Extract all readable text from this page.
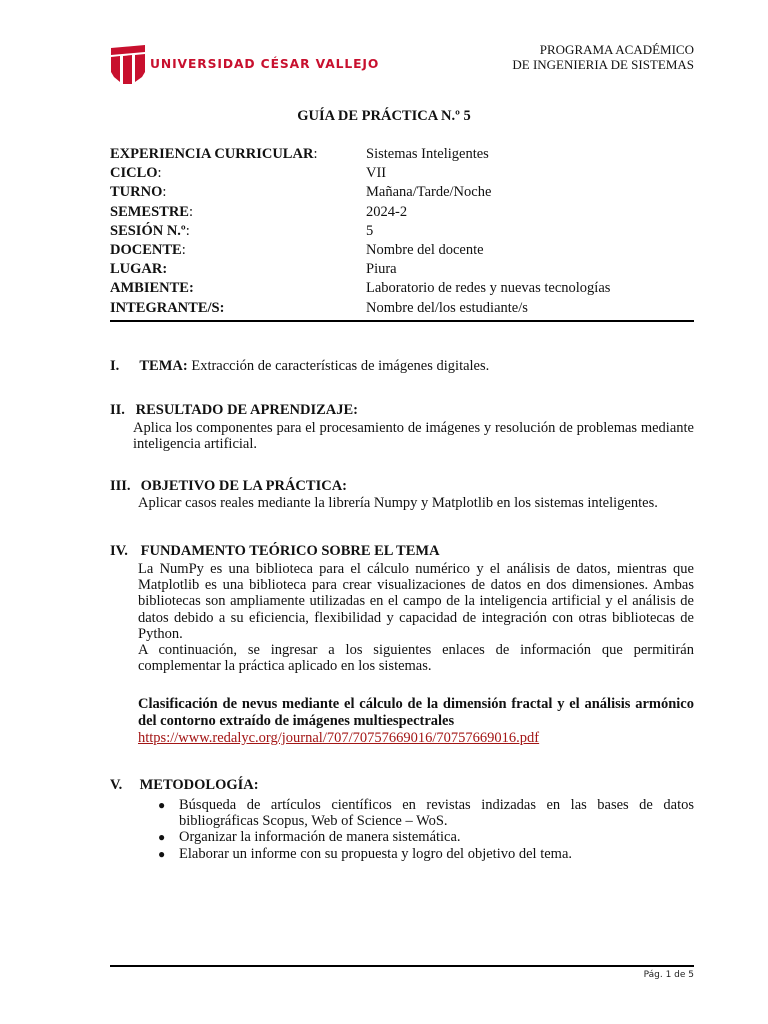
UNIVERSIDAD CÉSAR VALLEJO
PROGRAMA ACADÉMICO
DE INGENIERIA DE SISTEMAS
GUÍA DE PRÁCTICA N.º 5
EXPERIENCIA CURRICULAR:	Sistemas Inteligentes
CICLO:	VII
TURNO:	Mañana/Tarde/Noche
SEMESTRE:	2024-2
SESIÓN N.º:	5
DOCENTE:	Nombre del docente
LUGAR:	Piura
AMBIENTE:	Laboratorio de redes y nuevas tecnologías
INTEGRANTE/S:	Nombre del/los estudiante/s
I. TEMA: Extracción de características de imágenes digitales.
II. RESULTADO DE APRENDIZAJE:
Aplica los componentes para el procesamiento de imágenes y resolución de problemas mediante inteligencia artificial.
III. OBJETIVO DE LA PRÁCTICA:
Aplicar casos reales mediante la librería Numpy y Matplotlib en los sistemas inteligentes.
IV. FUNDAMENTO TEÓRICO SOBRE EL TEMA
La NumPy es una biblioteca para el cálculo numérico y el análisis de datos, mientras que Matplotlib es una biblioteca para crear visualizaciones de datos en dos dimensiones. Ambas bibliotecas son ampliamente utilizadas en el campo de la inteligencia artificial y el análisis de datos debido a su eficiencia, flexibilidad y capacidad de integración con otras bibliotecas de Python.
A continuación, se ingresar a los siguientes enlaces de información que permitirán complementar la práctica aplicado en los sistemas.
Clasificación de nevus mediante el cálculo de la dimensión fractal y el análisis armónico del contorno extraído de imágenes multiespectrales
https://www.redalyc.org/journal/707/70757669016/70757669016.pdf
V. METODOLOGÍA:
● Búsqueda de artículos científicos en revistas indizadas en las bases de datos bibliográficas Scopus, Web of Science – WoS.
● Organizar la información de manera sistemática.
● Elaborar un informe con su propuesta y logro del objetivo del tema.
Pág. 1 de 5
